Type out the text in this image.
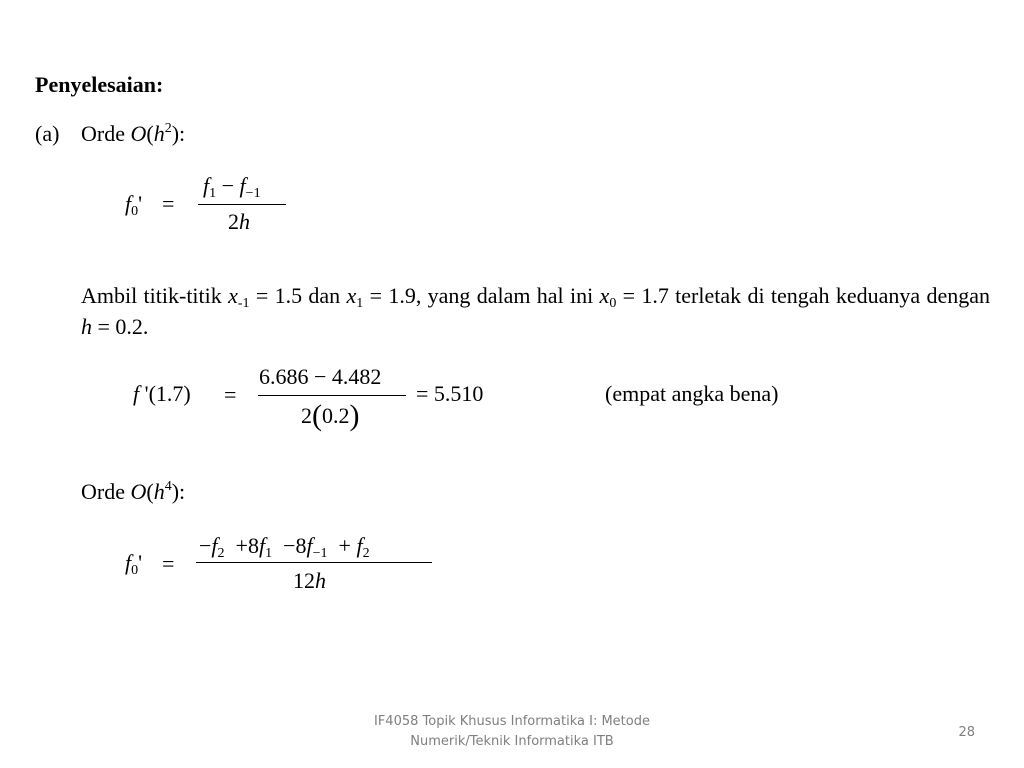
Penyelesaian:
(a) Orde $O(h^2)$:
$f_0'$ =
$f_1 - f_{-1}$
2h
Ambil titik-titik $x_{-1} = 1.5$ dan $x_1 = 1.9$, yang dalam hal ini $x_0 = 1.7$ terletak di tengah keduanya dengan h = 0.2.
f '(1.7) =
6.686 − 4.482
2(0.2)
= 5.510	(empat angka bena)
Orde $O(h^4)$:
$f_0'$ =
$-f_2 +8f_1 -8f_{-1} + f_2$
12h
IF4058 Topik Khusus Informatika I: Metode
Numerik/Teknik Informatika ITB
28
